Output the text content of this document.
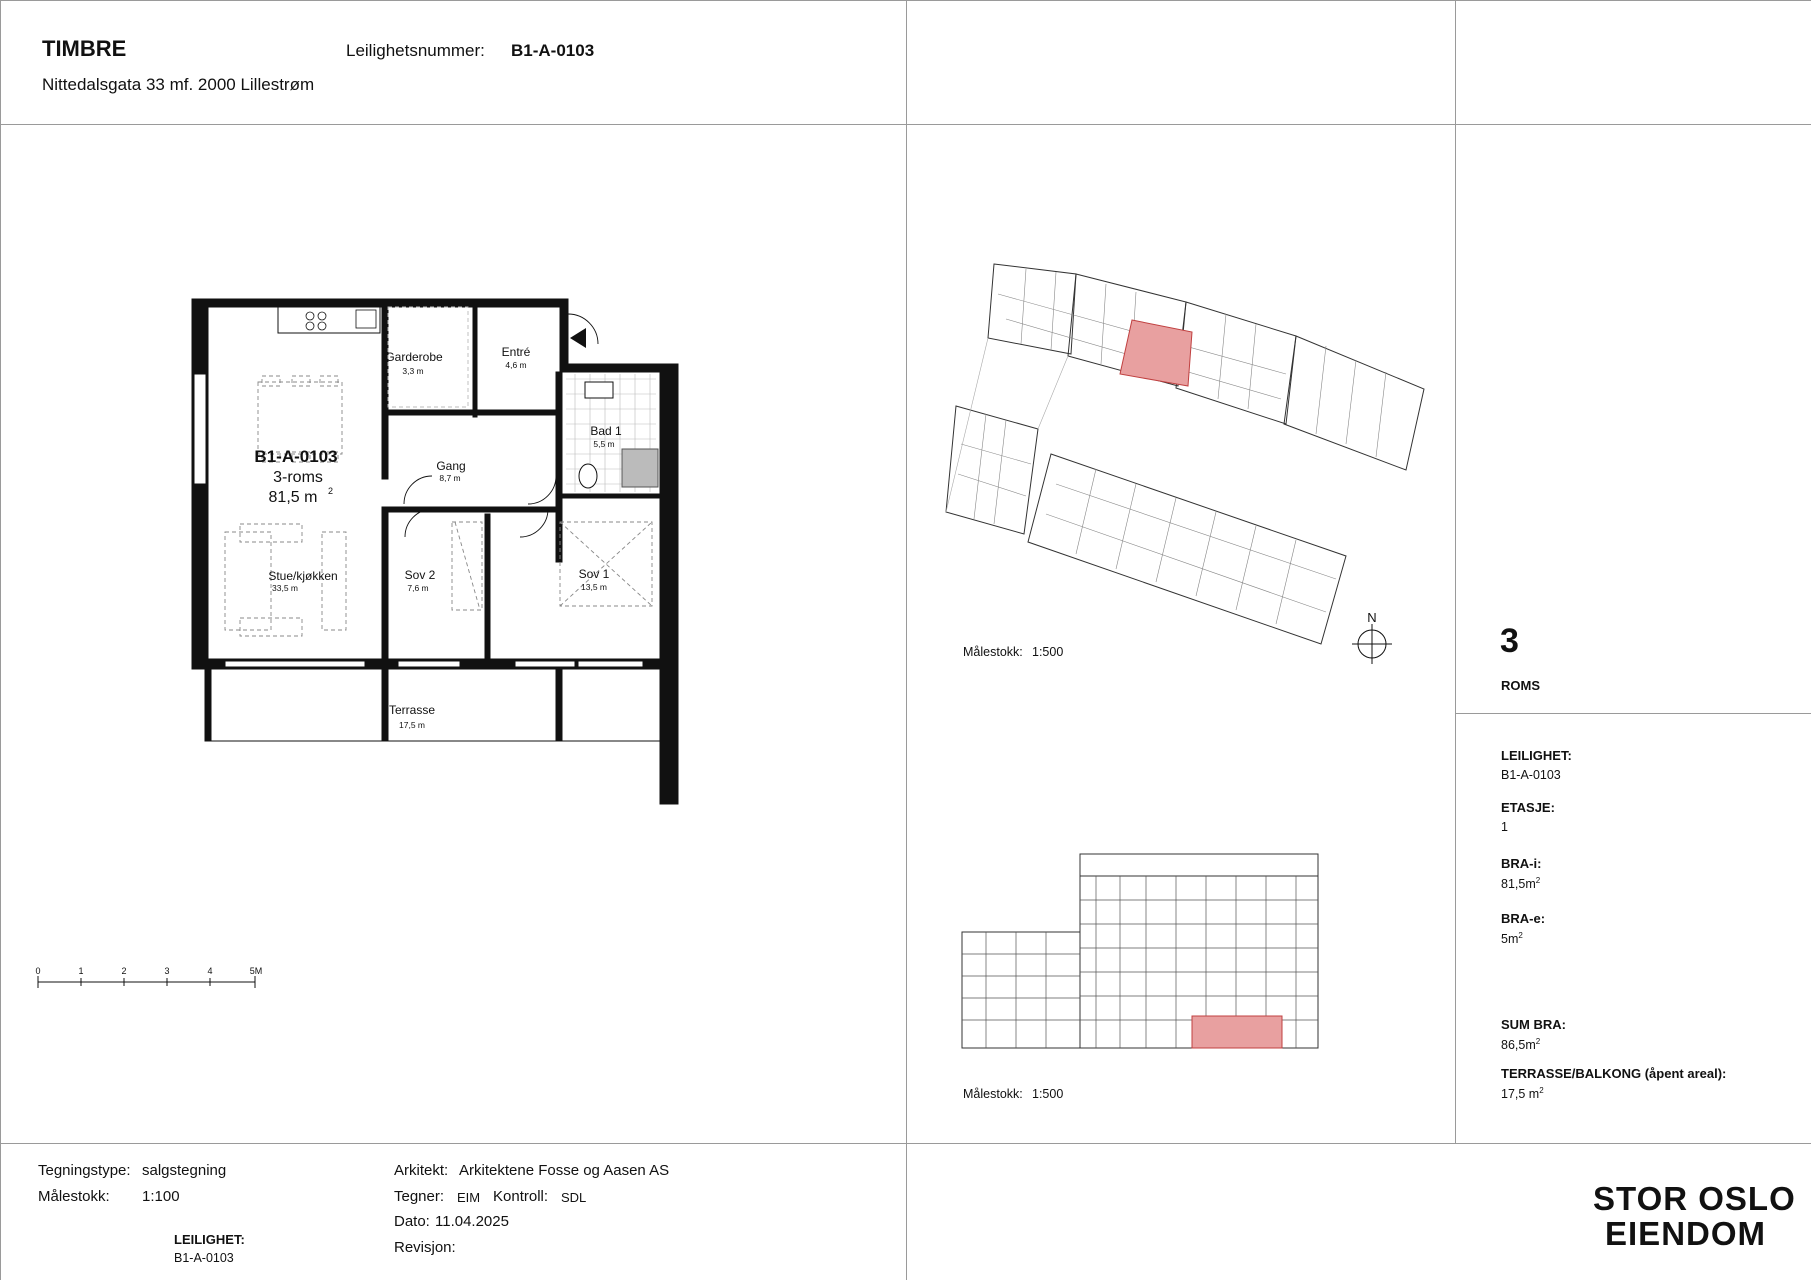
TIMBRE
Nittedalsgata 33 mf. 2000 Lillestrøm
Leilighetsnummer: B1-A-0103
Garderobe
3,3 m
Entré
4,6 m
Bad 1
5,5 m
Gang
8,7 m
Stue/kjøkken
33,5 m
Sov 2
7,6 m
Sov 1
13,5 m
Terrasse
17,5 m
B1-A-0103
3-roms
81,5 m 2
0	1	2	3	4	5M
N
Målestokk: 1:500
Målestokk: 1:500
3
ROMS
LEILIGHET:
B1-A-0103
ETASJE:
1
BRA-i:
$81,5m^2$
BRA-e:
$5m^2$
SUM BRA:
$86,5m^2$
TERRASSE/BALKONG (åpent areal):
17,5 $m^2$
Tegningstype: salgstegning
Målestokk: 1:100
LEILIGHET:
B1-A-0103
Arkitekt: Arkitektene Fosse og Aasen AS
Tegner: EIM Kontroll: SDL
Dato: 11.04.2025
Revisjon:
STOR OSLO
EIENDOM
